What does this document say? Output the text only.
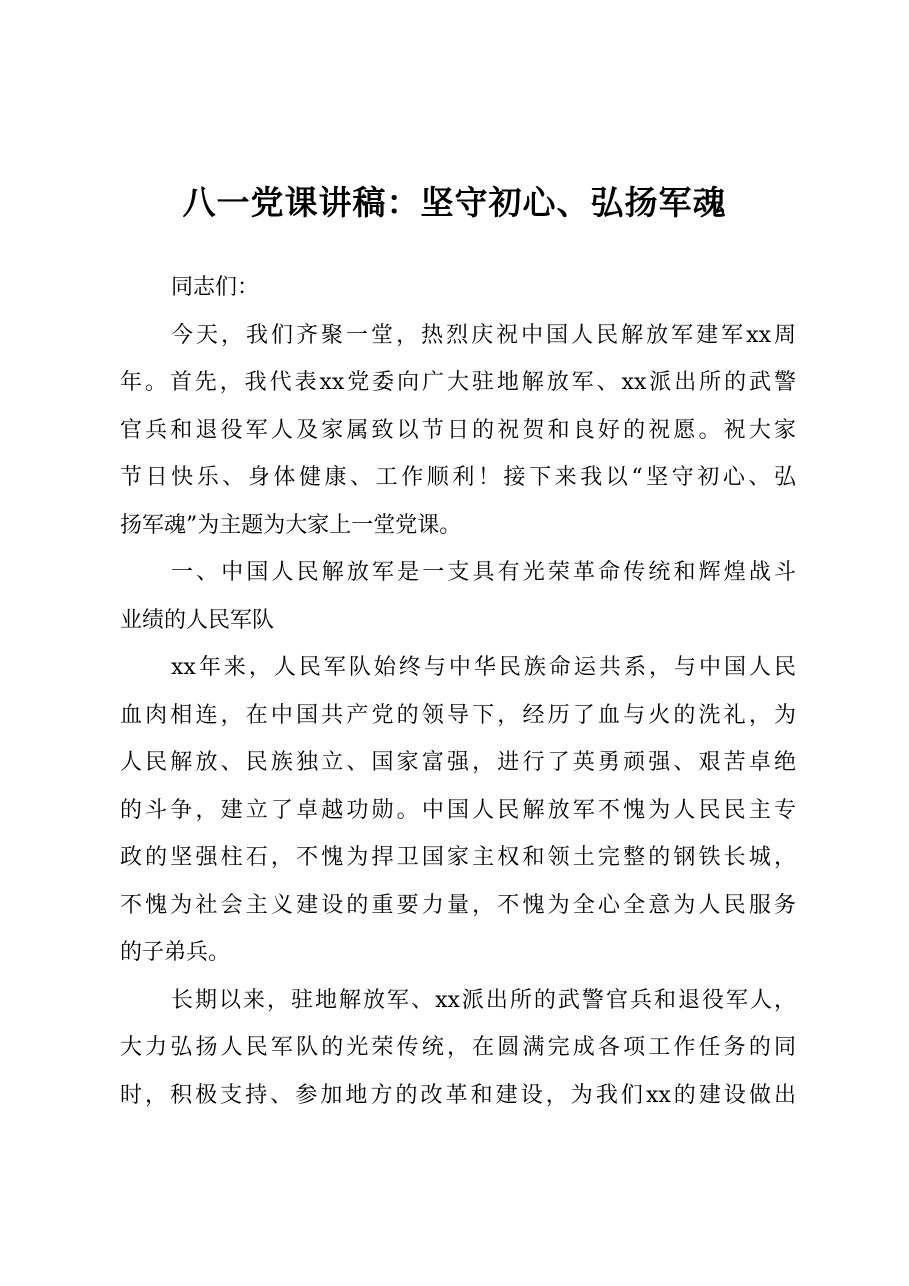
八一党课讲稿：坚守初心、弘扬军魂
同志们：
今天，我们齐聚一堂，热烈庆祝中国人民解放军建军xx周
年。首先，我代表xx党委向广大驻地解放军、xx派出所的武警
官兵和退役军人及家属致以节日的祝贺和良好的祝愿。祝大家
节日快乐、身体健康、工作顺利！接下来我以“坚守初心、弘
扬军魂”为主题为大家上一堂党课。
一、中国人民解放军是一支具有光荣革命传统和辉煌战斗
业绩的人民军队
xx年来，人民军队始终与中华民族命运共系，与中国人民
血肉相连，在中国共产党的领导下，经历了血与火的洗礼，为
人民解放、民族独立、国家富强，进行了英勇顽强、艰苦卓绝
的斗争，建立了卓越功勋。中国人民解放军不愧为人民民主专
政的坚强柱石，不愧为捍卫国家主权和领土完整的钢铁长城，
不愧为社会主义建设的重要力量，不愧为全心全意为人民服务
的子弟兵。
长期以来，驻地解放军、xx派出所的武警官兵和退役军人，
大力弘扬人民军队的光荣传统，在圆满完成各项工作任务的同
时，积极支持、参加地方的改革和建设，为我们xx的建设做出
